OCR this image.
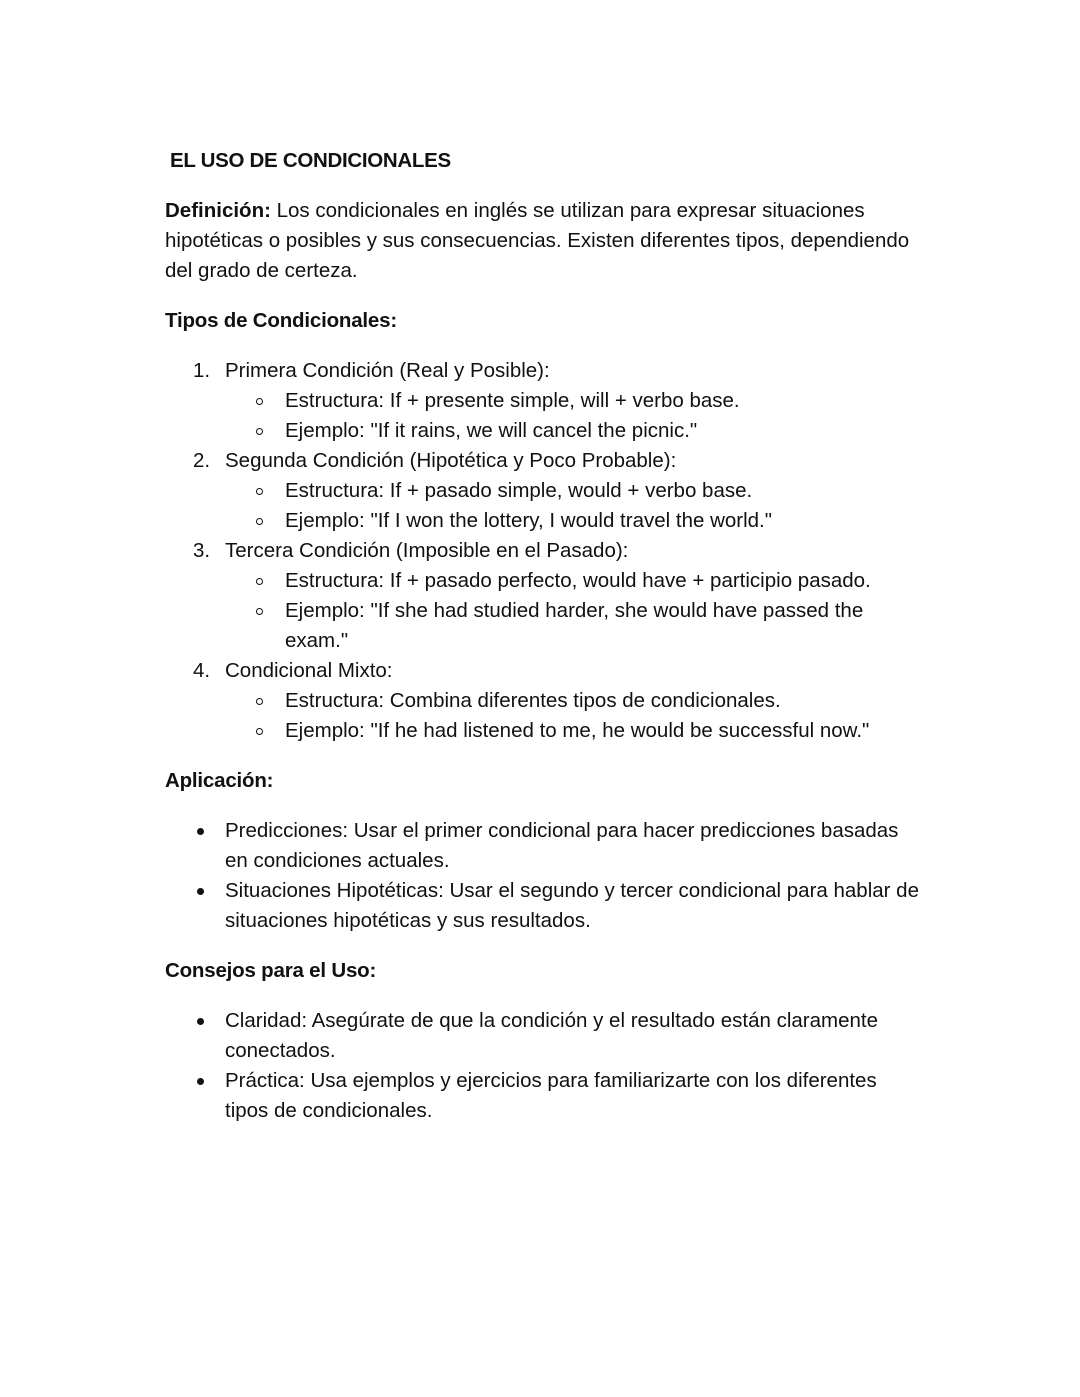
EL USO DE CONDICIONALES
Definición: Los condicionales en inglés se utilizan para expresar situaciones hipotéticas o posibles y sus consecuencias. Existen diferentes tipos, dependiendo del grado de certeza.
Tipos de Condicionales:
1. Primera Condición (Real y Posible):
Estructura: If + presente simple, will + verbo base.
Ejemplo: "If it rains, we will cancel the picnic."
2. Segunda Condición (Hipotética y Poco Probable):
Estructura: If + pasado simple, would + verbo base.
Ejemplo: "If I won the lottery, I would travel the world."
3. Tercera Condición (Imposible en el Pasado):
Estructura: If + pasado perfecto, would have + participio pasado.
Ejemplo: "If she had studied harder, she would have passed the exam."
4. Condicional Mixto:
Estructura: Combina diferentes tipos de condicionales.
Ejemplo: "If he had listened to me, he would be successful now."
Aplicación:
Predicciones: Usar el primer condicional para hacer predicciones basadas en condiciones actuales.
Situaciones Hipotéticas: Usar el segundo y tercer condicional para hablar de situaciones hipotéticas y sus resultados.
Consejos para el Uso:
Claridad: Asegúrate de que la condición y el resultado están claramente conectados.
Práctica: Usa ejemplos y ejercicios para familiarizarte con los diferentes tipos de condicionales.
